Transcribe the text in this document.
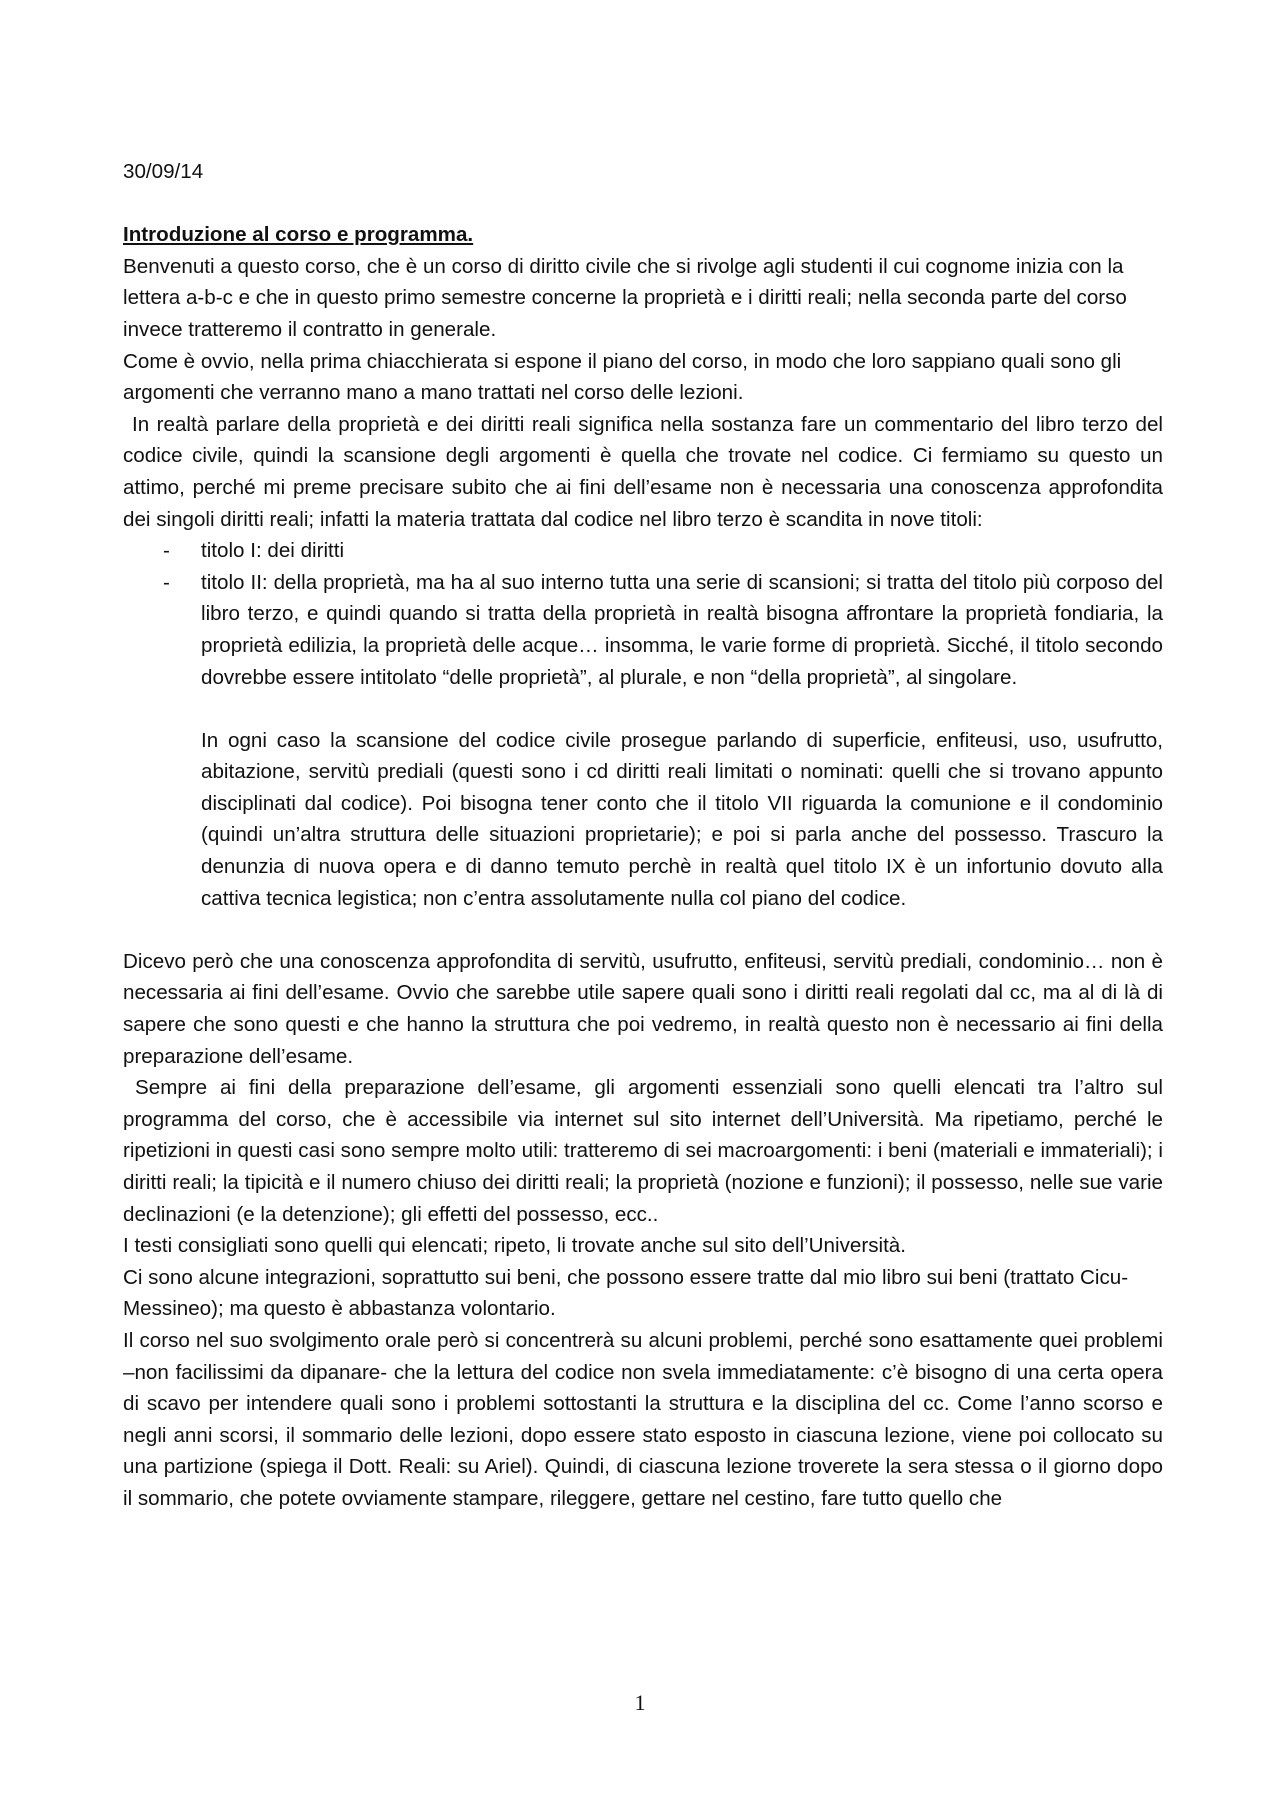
30/09/14

Introduzione al corso e programma.

Benvenuti a questo corso, che è un corso di diritto civile che si rivolge agli studenti il cui cognome inizia con la lettera a-b-c e che in questo primo semestre concerne la proprietà e i diritti reali; nella seconda parte del corso invece tratteremo il contratto in generale.

Come è ovvio, nella prima chiacchierata si espone il piano del corso, in modo che loro sappiano quali sono gli argomenti che verranno mano a mano trattati nel corso delle lezioni.

In realtà parlare della proprietà e dei diritti reali significa nella sostanza fare un commentario del libro terzo del codice civile, quindi la scansione degli argomenti è quella che trovate nel codice. Ci fermiamo su questo un attimo, perché mi preme precisare subito che ai fini dell’esame non è necessaria una conoscenza approfondita dei singoli diritti reali; infatti la materia trattata dal codice nel libro terzo è scandita in nove titoli:

- titolo I: dei diritti
- titolo II: della proprietà, ma ha al suo interno tutta una serie di scansioni; si tratta del titolo più corposo del libro terzo, e quindi quando si tratta della proprietà in realtà bisogna affrontare la proprietà fondiaria, la proprietà edilizia, la proprietà delle acque… insomma, le varie forme di proprietà. Sicché, il titolo secondo dovrebbe essere intitolato “delle proprietà”, al plurale, e non “della proprietà”, al singolare.

In ogni caso la scansione del codice civile prosegue parlando di superficie, enfiteusi, uso, usufrutto, abitazione, servitù prediali (questi sono i cd diritti reali limitati o nominati: quelli che si trovano appunto disciplinati dal codice). Poi bisogna tener conto che il titolo VII riguarda la comunione e il condominio (quindi un’altra struttura delle situazioni proprietarie); e poi si parla anche del possesso. Trascuro la denunzia di nuova opera e di danno temuto perchè in realtà quel titolo IX è un infortunio dovuto alla cattiva tecnica legistica; non c’entra assolutamente nulla col piano del codice.

Dicevo però che una conoscenza approfondita di servitù, usufrutto, enfiteusi, servitù prediali, condominio… non è necessaria ai fini dell’esame. Ovvio che sarebbe utile sapere quali sono i diritti reali regolati dal cc, ma al di là di sapere che sono questi e che hanno la struttura che poi vedremo, in realtà questo non è necessario ai fini della preparazione dell’esame.

Sempre ai fini della preparazione dell’esame, gli argomenti essenziali sono quelli elencati tra l’altro sul programma del corso, che è accessibile via internet sul sito internet dell’Università. Ma ripetiamo, perché le ripetizioni in questi casi sono sempre molto utili: tratteremo di sei macroargomenti: i beni (materiali e immateriali); i diritti reali; la tipicità e il numero chiuso dei diritti reali; la proprietà (nozione e funzioni); il possesso, nelle sue varie declinazioni (e la detenzione); gli effetti del possesso, ecc..

I testi consigliati sono quelli qui elencati; ripeto, li trovate anche sul sito dell’Università.

Ci sono alcune integrazioni, soprattutto sui beni, che possono essere tratte dal mio libro sui beni (trattato Cicu-Messineo); ma questo è abbastanza volontario.

Il corso nel suo svolgimento orale però si concentrerà su alcuni problemi, perché sono esattamente quei problemi –non facilissimi da dipanare- che la lettura del codice non svela immediatamente: c’è bisogno di una certa opera di scavo per intendere quali sono i problemi sottostanti la struttura e la disciplina del cc. Come l’anno scorso e negli anni scorsi, il sommario delle lezioni, dopo essere stato esposto in ciascuna lezione, viene poi collocato su una partizione (spiega il Dott. Reali: su Ariel). Quindi, di ciascuna lezione troverete la sera stessa o il giorno dopo il sommario, che potete ovviamente stampare, rileggere, gettare nel cestino, fare tutto quello che

1
